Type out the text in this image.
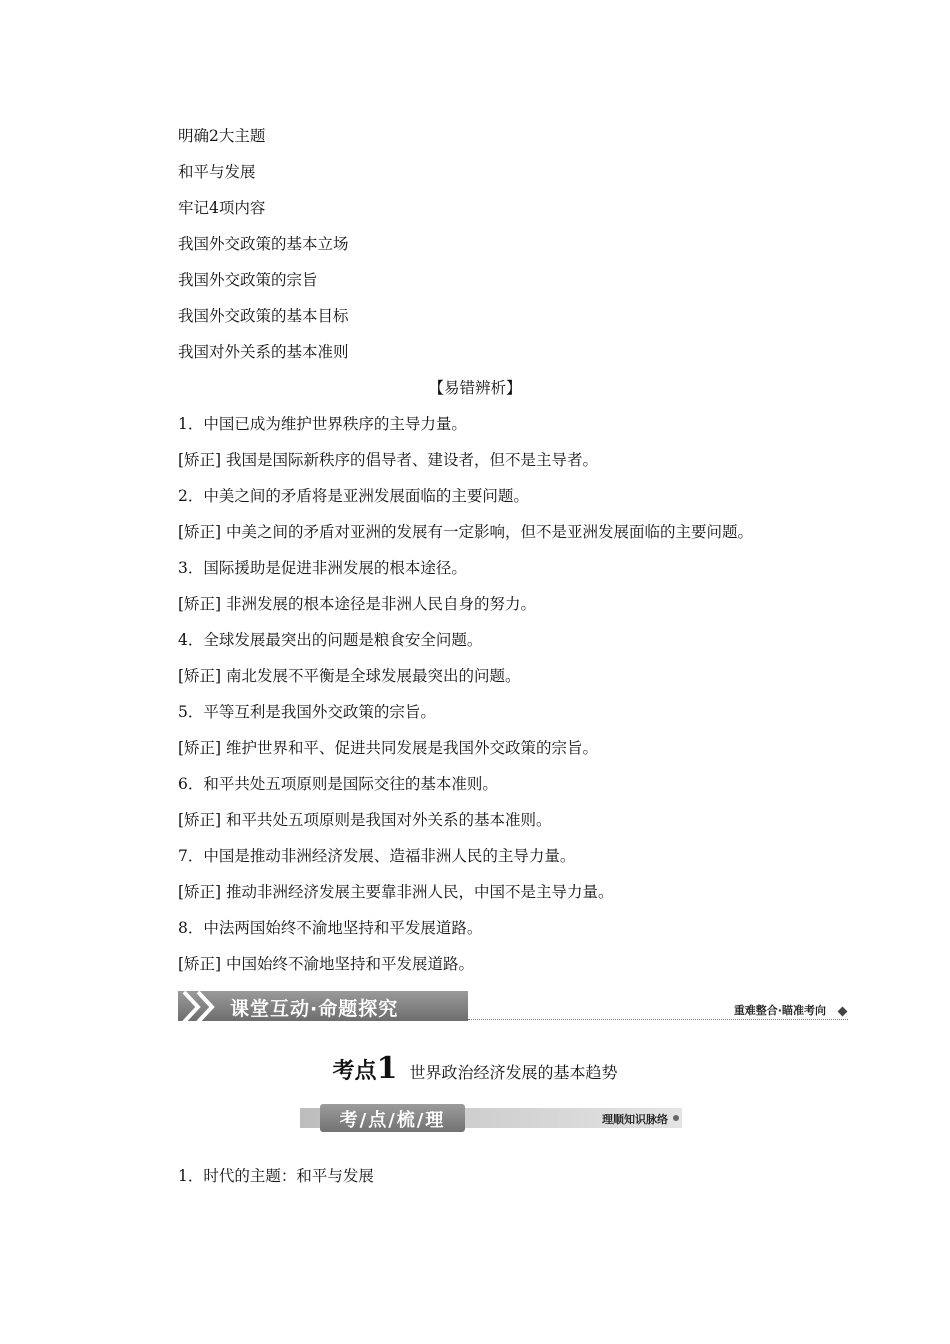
明确2大主题
和平与发展
牢记4项内容
我国外交政策的基本立场
我国外交政策的宗旨
我国外交政策的基本目标
我国对外关系的基本准则
【易错辨析】
1．中国已成为维护世界秩序的主导力量。
[矫正] 我国是国际新秩序的倡导者、建设者，但不是主导者。
2．中美之间的矛盾将是亚洲发展面临的主要问题。
[矫正] 中美之间的矛盾对亚洲的发展有一定影响，但不是亚洲发展面临的主要问题。
3．国际援助是促进非洲发展的根本途径。
[矫正] 非洲发展的根本途径是非洲人民自身的努力。
4．全球发展最突出的问题是粮食安全问题。
[矫正] 南北发展不平衡是全球发展最突出的问题。
5．平等互利是我国外交政策的宗旨。
[矫正] 维护世界和平、促进共同发展是我国外交政策的宗旨。
6．和平共处五项原则是国际交往的基本准则。
[矫正] 和平共处五项原则是我国对外关系的基本准则。
7．中国是推动非洲经济发展、造福非洲人民的主导力量。
[矫正] 推动非洲经济发展主要靠非洲人民，中国不是主导力量。
8．中法两国始终不渝地坚持和平发展道路。
[矫正] 中国始终不渝地坚持和平发展道路。
课堂互动·命题探究	重难整合·瞄准考向
考点1 世界政治经济发展的基本趋势
考/点/梳/理	理顺知识脉络
1．时代的主题：和平与发展
